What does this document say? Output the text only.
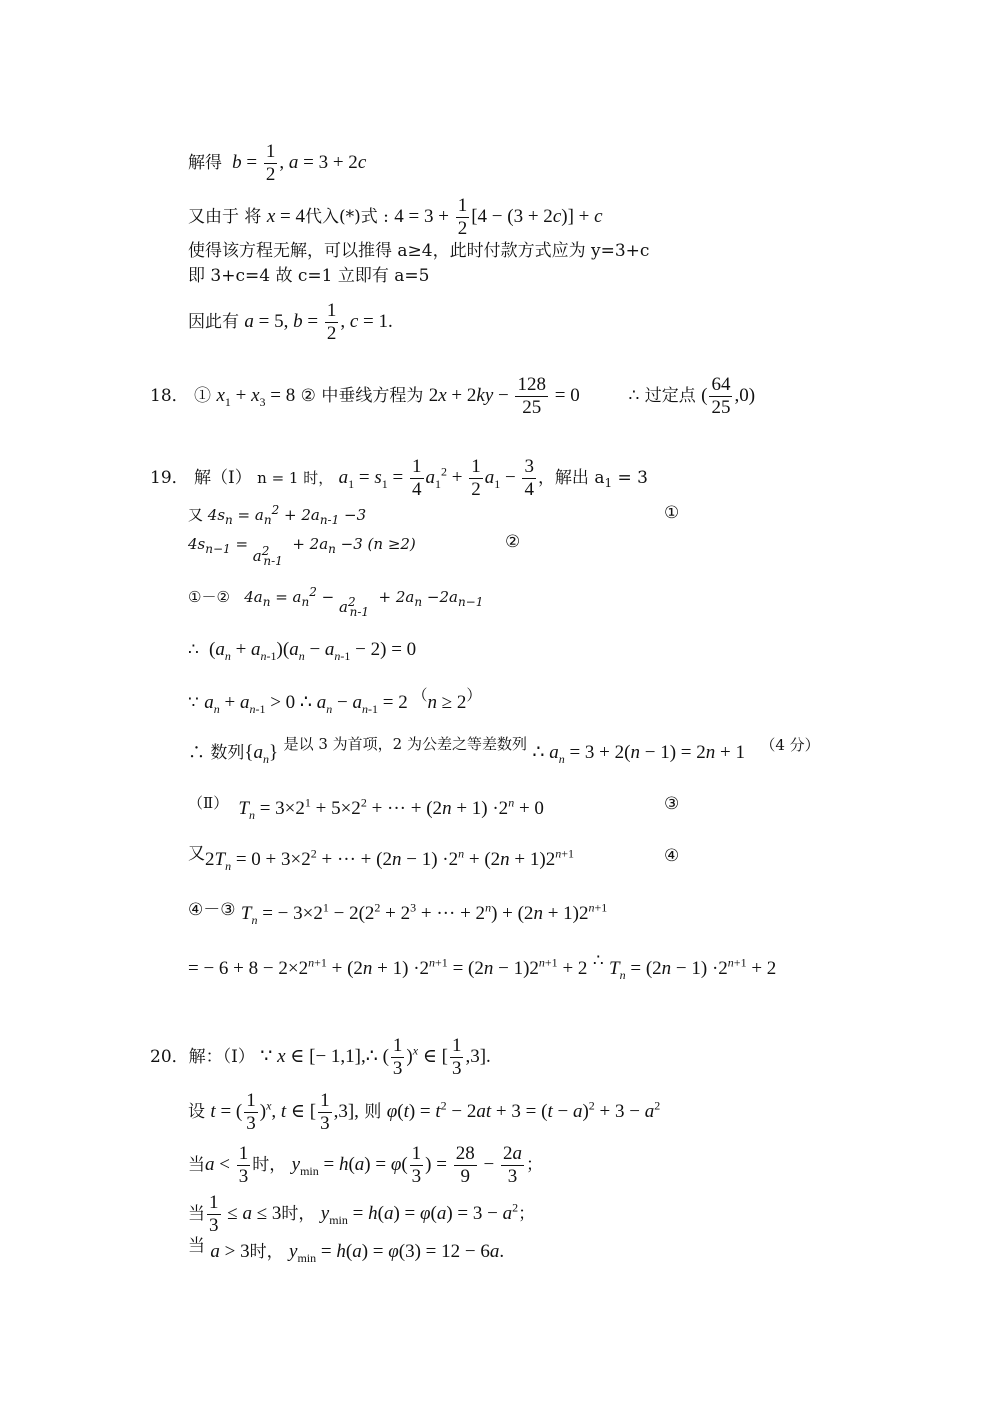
解得 $b = \frac{1}{2}$ , a = 3 + 2c
又由于 将 x = 4代入(*)式 : $4 = 3 + \frac{1}{2} [4 - (3 + 2c)] + c$
使得该方程无解，可以推得 a≥4，此时付款方式应为 y=3+c
即 3+c=4 故 c=1 立即有 a=5
因此有 a = 5, $b = \frac{1}{2}$ , c = 1.
18． ① $x_1 + x_3 = 8$ ② 中垂线方程为 $2x + 2ky - \frac{128}{25} = 0$	∴ 过定点 ( $\frac{64}{25} ,0$)
19． 解（Ⅰ） n = 1 时， $a_1 = s_1 = \frac{1}{4} a_1^2 + \frac{1}{2} a_1 - \frac{3}{4}$ ，解出 $a_1 = 3$
又 $4s_n = a_n^2 + 2a_{n-1} -3$	①
$4s_{n-1} = a^2_{n-1} + 2a_n -3$ (n ≥2)	②
①－②   $4a_n = a_n^2 - a^2_{n-1} + 2a_n -2a_{n-1}$
∴  $(a_n + a_{n-1})(a_n - a_{n-1} - 2) = 0$
∵ $a_n + a_{n-1} > 0$ ∴ $a_n - a_{n-1} = 2$ （n ≥ 2）
∴ 数列$\{a_n\}$ 是以 3 为首项，2 为公差之等差数列 ∴ $a_n = 3 + 2(n - 1) = 2n + 1$ （4 分）
（Ⅱ） $T_n = 3\times 2^1 + 5\times 2^2$ + ··· + $(2n + 1) \cdot 2^n + 0$	③
又$2T_n = 0 + 3\times 2^2$ + ··· + $(2n - 1) \cdot 2^n + (2n + 1)2^{n+1}$	④
④－③ $T_n$ = − $3\times 2^1 - 2(2^2 + 2^3$ + ··· + $2^n) + (2n + 1)2^{n+1}$
= − $6 + 8 - 2\times 2^{n+1} + (2n + 1) \cdot 2^{n+1} = (2n - 1)2^{n+1} + 2$ ∴ $T_n = (2n - 1) \cdot 2^{n+1} + 2$
20．解：（Ⅰ） ∵ x ∈ [− 1,1],∴ ( $\frac{1}{3} )^x$ ∈ [ $\frac{1}{3} ,3$].
设 t = ( $\frac{1}{3} )^x$, t ∈ [ $\frac{1}{3} ,3$], 则 $\varphi(t) = t^2 - 2at + 3 = (t - a)^2 + 3 - a^2$
当$a < \frac{1}{3}$ 时， $y_{min} = h(a) = \varphi( \frac{1}{3}$ ) = $\frac{28}{9} - \frac{2a}{3}$ ；
当 $\frac{1}{3} \le a \le 3$时， $y_{min} = h(a) = \varphi(a) = 3 - a^2$；
当 a > 3时， $y_{min} = h(a) = \varphi(3) = 12 - 6a$.
